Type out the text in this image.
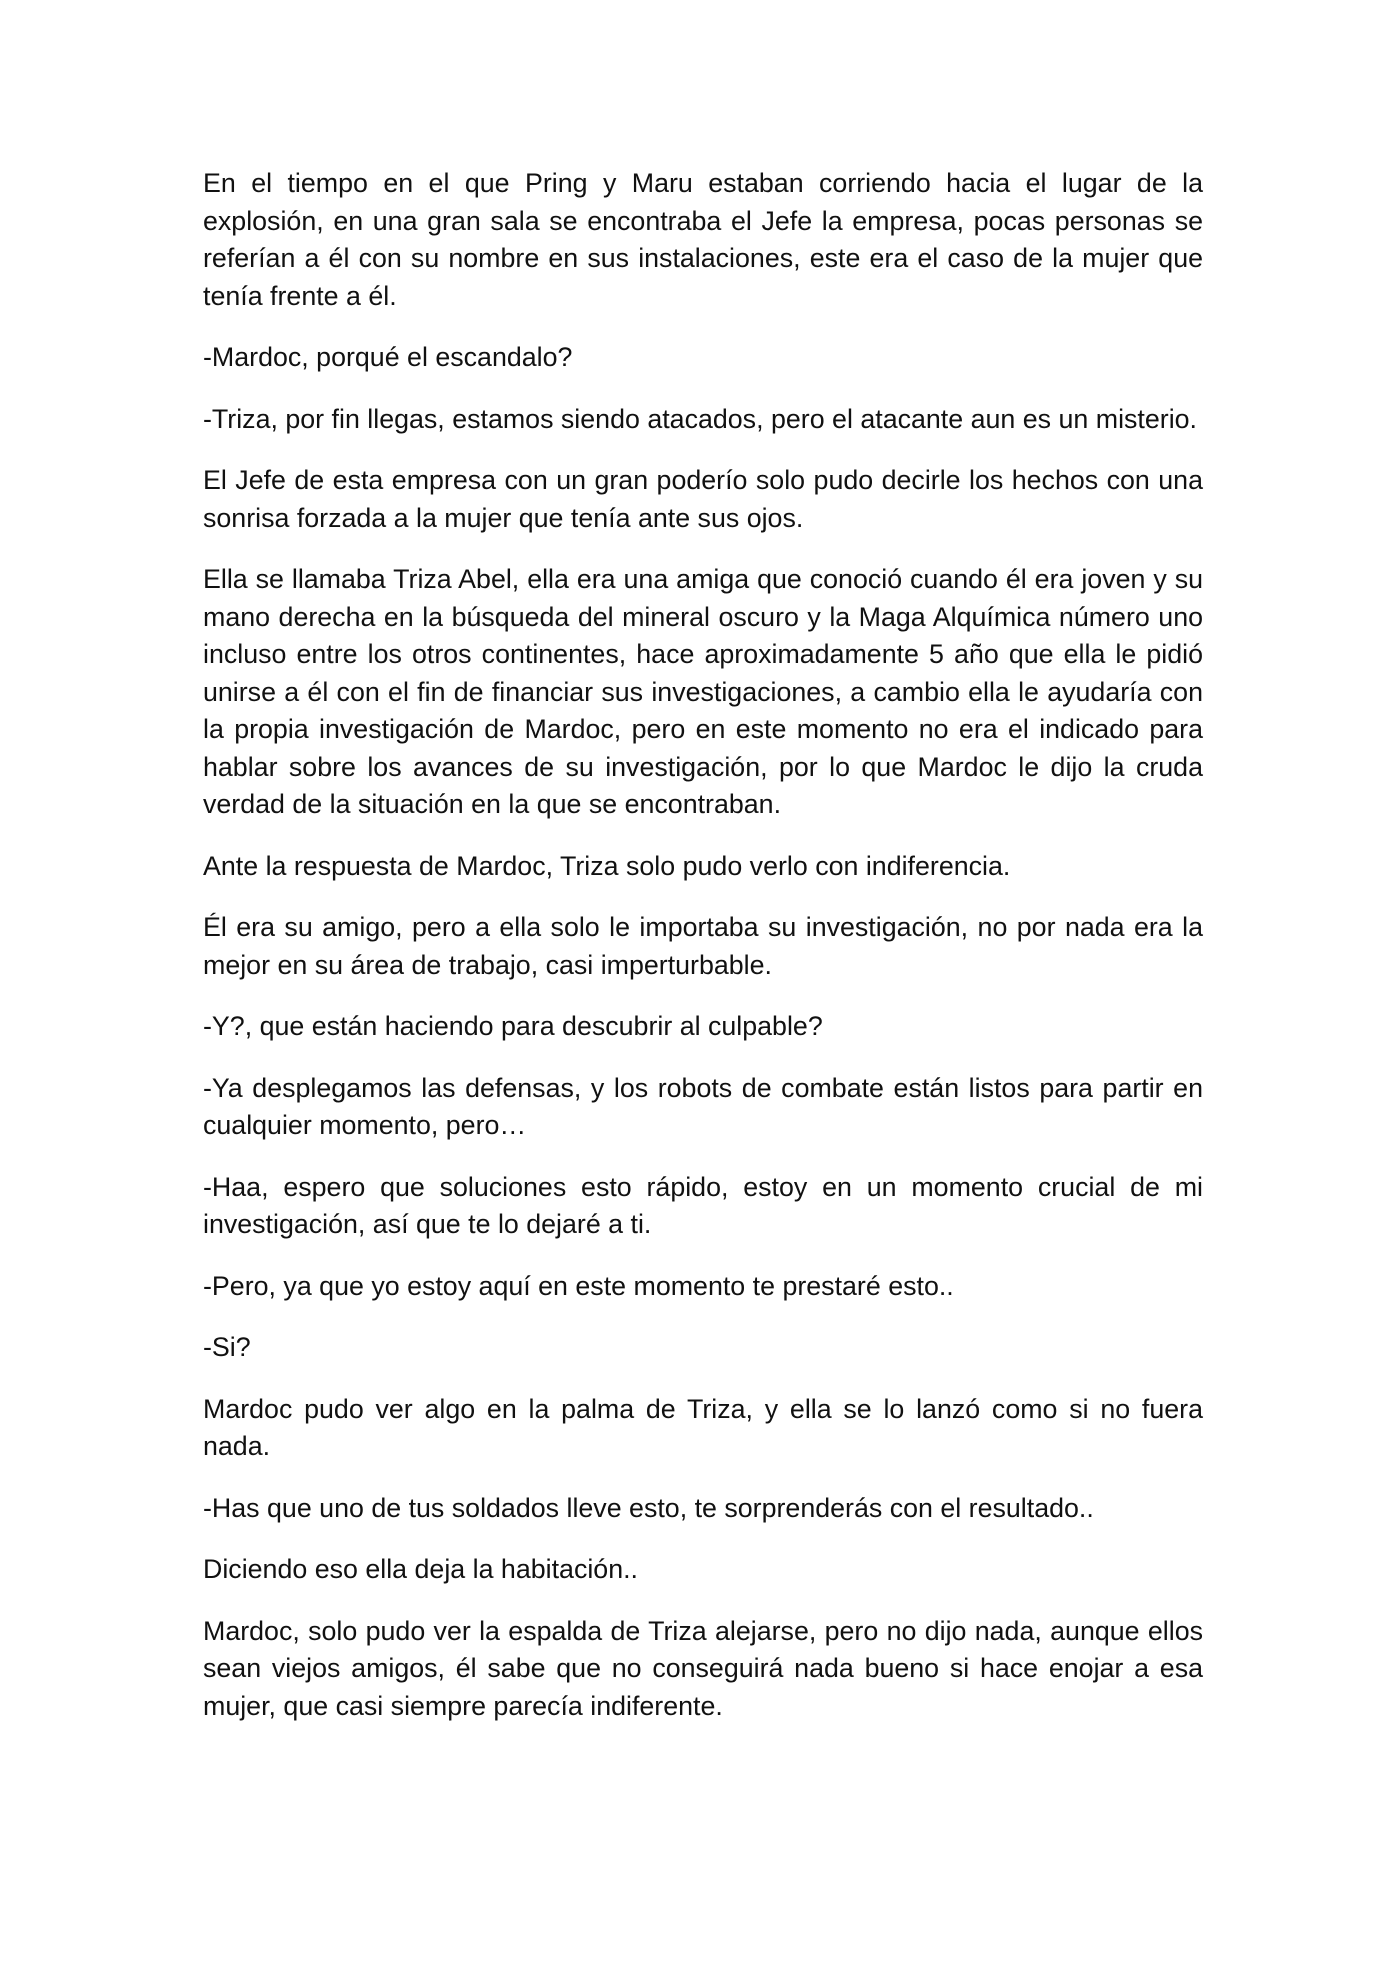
En el tiempo en el que Pring y Maru estaban corriendo hacia el lugar de la explosión, en una gran sala se encontraba el Jefe la empresa, pocas personas se referían a él con su nombre en sus instalaciones, este era el caso de la mujer que tenía frente a él.

-Mardoc, porqué el escandalo?

-Triza, por fin llegas, estamos siendo atacados, pero el atacante aun es un misterio.

El Jefe de esta empresa con un gran poderío solo pudo decirle los hechos con una sonrisa forzada a la mujer que tenía ante sus ojos.

Ella se llamaba Triza Abel, ella era una amiga que conoció cuando él era joven y su mano derecha en la búsqueda del mineral oscuro y la Maga Alquímica número uno incluso entre los otros continentes, hace aproximadamente 5 año que ella le pidió unirse a él con el fin de financiar sus investigaciones, a cambio ella le ayudaría con la propia investigación de Mardoc, pero en este momento no era el indicado para hablar sobre los avances de su investigación, por lo que Mardoc le dijo la cruda verdad de la situación en la que se encontraban.

Ante la respuesta de Mardoc, Triza solo pudo verlo con indiferencia.

Él era su amigo, pero a ella solo le importaba su investigación, no por nada era la mejor en su área de trabajo, casi imperturbable.

-Y?, que están haciendo para descubrir al culpable?

-Ya desplegamos las defensas, y los robots de combate están listos para partir en cualquier momento, pero…

-Haa, espero que soluciones esto rápido, estoy en un momento crucial de mi investigación, así que te lo dejaré a ti.

-Pero, ya que yo estoy aquí en este momento te prestaré esto..

-Si?

Mardoc pudo ver algo en la palma de Triza, y ella se lo lanzó como si no fuera nada.

-Has que uno de tus soldados lleve esto, te sorprenderás con el resultado..

Diciendo eso ella deja la habitación..

Mardoc, solo pudo ver la espalda de Triza alejarse, pero no dijo nada, aunque ellos sean viejos amigos, él sabe que no conseguirá nada bueno si hace enojar a esa mujer, que casi siempre parecía indiferente.
